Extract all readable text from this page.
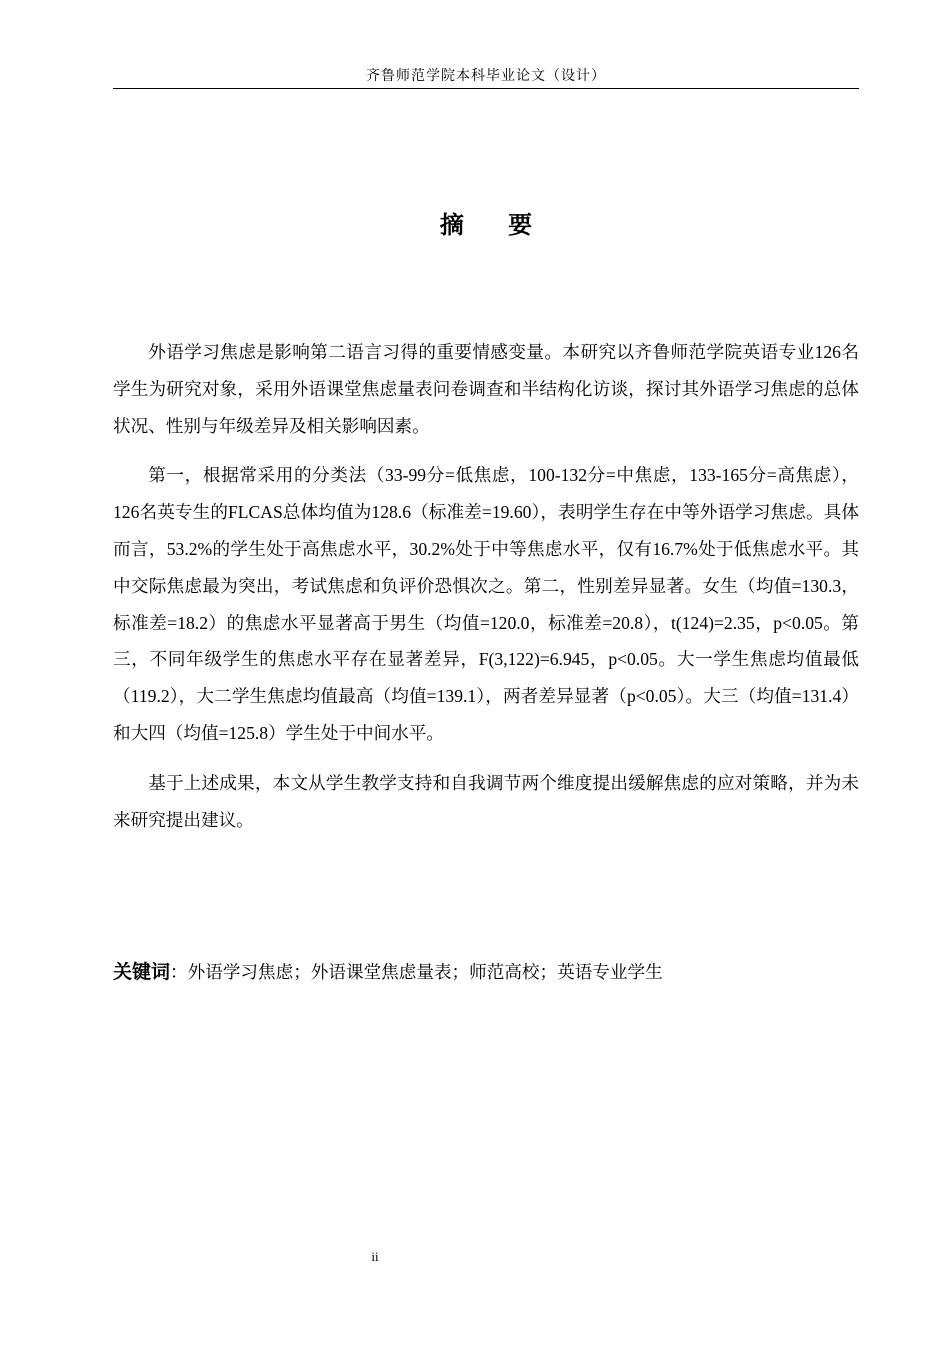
齐鲁师范学院本科毕业论文（设计）
摘 要

外语学习焦虑是影响第二语言习得的重要情感变量。本研究以齐鲁师范学院英语专业126名学生为研究对象，采用外语课堂焦虑量表问卷调查和半结构化访谈，探讨其外语学习焦虑的总体状况、性别与年级差异及相关影响因素。

第一，根据常采用的分类法（33-99分=低焦虑，100-132分=中焦虑，133-165分=高焦虑），126名英专生的FLCAS总体均值为128.6（标准差=19.60），表明学生存在中等外语学习焦虑。具体而言，53.2%的学生处于高焦虑水平，30.2%处于中等焦虑水平，仅有16.7%处于低焦虑水平。其中交际焦虑最为突出，考试焦虑和负评价恐惧次之。第二，性别差异显著。女生（均值=130.3，标准差=18.2）的焦虑水平显著高于男生（均值=120.0，标准差=20.8），t(124)=2.35，p<0.05。第三，不同年级学生的焦虑水平存在显著差异，F(3,122)=6.945，p<0.05。大一学生焦虑均值最低（119.2），大二学生焦虑均值最高（均值=139.1），两者差异显著（p<0.05）。大三（均值=131.4）和大四（均值=125.8）学生处于中间水平。

基于上述成果，本文从学生教学支持和自我调节两个维度提出缓解焦虑的应对策略，并为未来研究提出建议。

关键词：外语学习焦虑；外语课堂焦虑量表；师范高校；英语专业学生
ii
